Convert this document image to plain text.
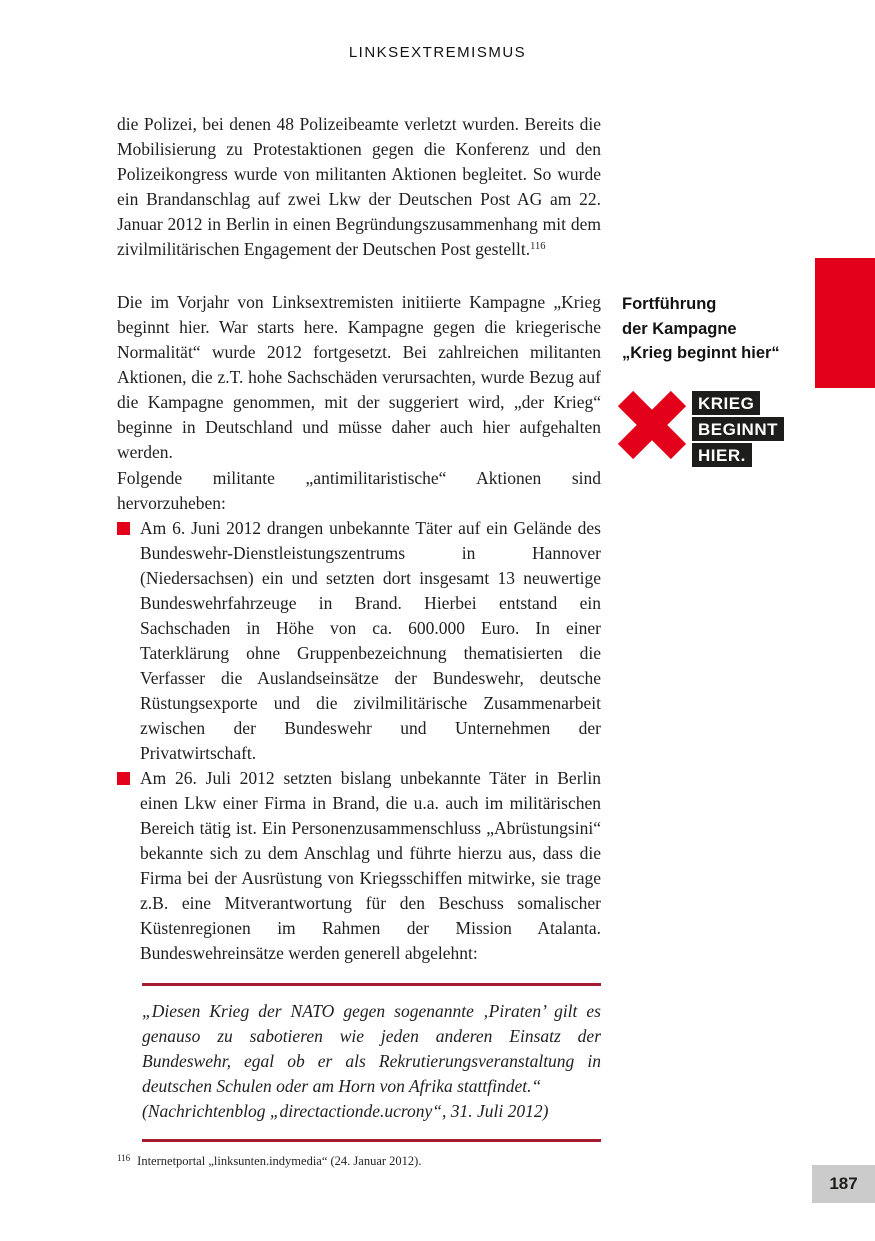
LINKSEXTREMISMUS

die Polizei, bei denen 48 Polizeibeamte verletzt wurden. Bereits die Mobilisierung zu Protestaktionen gegen die Konferenz und den Polizeikongress wurde von militanten Aktionen begleitet. So wurde ein Brandanschlag auf zwei Lkw der Deutschen Post AG am 22. Januar 2012 in Berlin in einen Begründungszusammenhang mit dem zivilmilitärischen Engagement der Deutschen Post gestellt.$^{116}$

Die im Vorjahr von Linksextremisten initiierte Kampagne „Krieg beginnt hier. War starts here. Kampagne gegen die kriegerische Normalität“ wurde 2012 fortgesetzt. Bei zahlreichen militanten Aktionen, die z.T. hohe Sachschäden verursachten, wurde Bezug auf die Kampagne genommen, mit der suggeriert wird, „der Krieg“ beginne in Deutschland und müsse daher auch hier aufgehalten werden.

Fortführung
der Kampagne
„Krieg beginnt hier“
KRIEG
BEGINNT
HIER.

Folgende militante „antimilitaristische“ Aktionen sind hervorzuheben:

Am 6. Juni 2012 drangen unbekannte Täter auf ein Gelände des Bundeswehr-Dienstleistungszentrums in Hannover (Niedersachsen) ein und setzten dort insgesamt 13 neuwertige Bundeswehrfahrzeuge in Brand. Hierbei entstand ein Sachschaden in Höhe von ca. 600.000 Euro. In einer Taterklärung ohne Gruppenbezeichnung thematisierten die Verfasser die Auslandseinsätze der Bundeswehr, deutsche Rüstungsexporte und die zivilmilitärische Zusammenarbeit zwischen der Bundeswehr und Unternehmen der Privatwirtschaft.
Am 26. Juli 2012 setzten bislang unbekannte Täter in Berlin einen Lkw einer Firma in Brand, die u.a. auch im militärischen Bereich tätig ist. Ein Personenzusammenschluss „Abrüstungsini“ bekannte sich zu dem Anschlag und führte hierzu aus, dass die Firma bei der Ausrüstung von Kriegsschiffen mitwirke, sie trage z.B. eine Mitverantwortung für den Beschuss somalischer Küstenregionen im Rahmen der Mission Atalanta. Bundeswehreinsätze werden generell abgelehnt:

„Diesen Krieg der NATO gegen sogenannte ‚Piraten’ gilt es genauso zu sabotieren wie jeden anderen Einsatz der Bundeswehr, egal ob er als Rekrutierungsveranstaltung in deutschen Schulen oder am Horn von Afrika stattfindet.“

(Nachrichtenblog „directactionde.ucrony“, 31. Juli 2012)

$^{116}$ Internetportal „linksunten.indymedia“ (24. Januar 2012).
187
